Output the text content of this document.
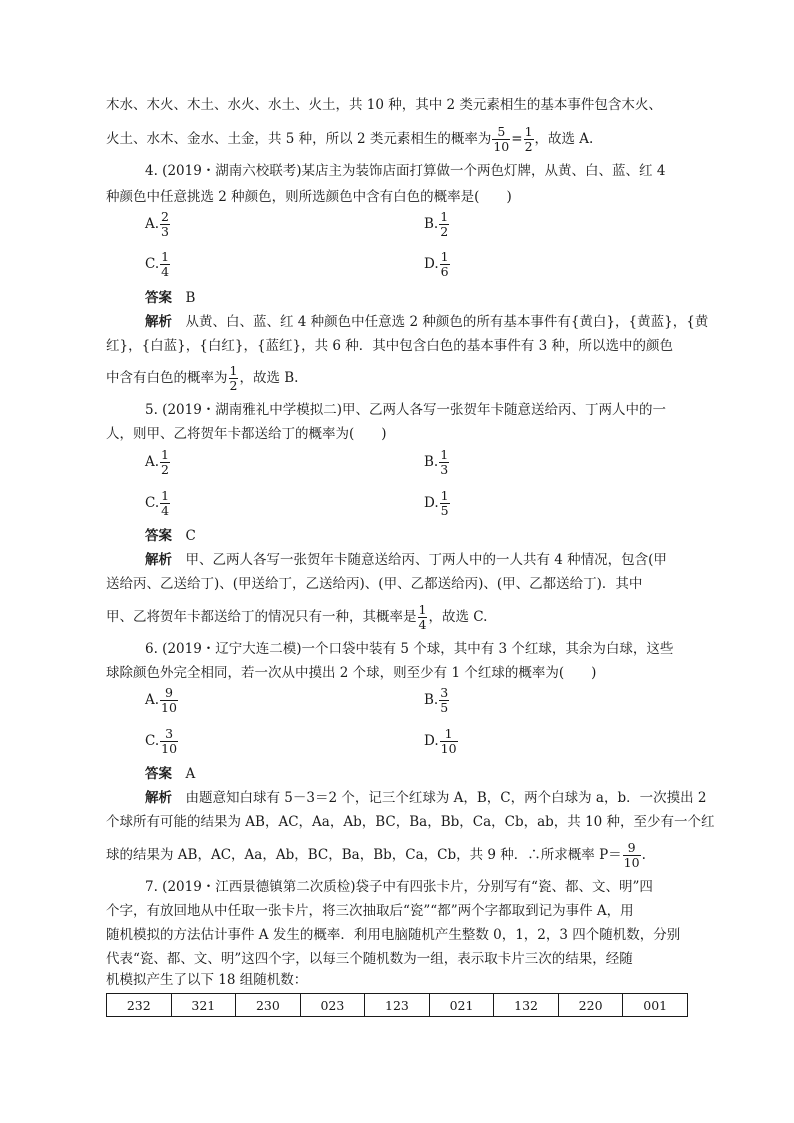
木水、木火、木土、水火、水土、火土，共 10 种，其中 2 类元素相生的基本事件包含木火、
火土、水木、金水、土金，共 5 种，所以 2 类元素相生的概率为 $\frac{5}{10} = \frac{1}{2}$ ，故选 A.
4. (2019・湖南六校联考)某店主为装饰店面打算做一个两色灯牌，从黄、白、蓝、红 4
种颜色中任意挑选 2 种颜色，则所选颜色中含有白色的概率是(　　)
A. $\frac{2}{3}$	B. $\frac{1}{2}$
C. $\frac{1}{4}$	D. $\frac{1}{6}$
答案　 B
解析　 从黄、白、蓝、红 4 种颜色中任意选 2 种颜色的所有基本事件有{黄白}，{黄蓝}，{黄
红}，{白蓝}，{白红}，{蓝红}，共 6 种．其中包含白色的基本事件有 3 种，所以选中的颜色
中含有白色的概率为 $\frac{1}{2}$ ，故选 B.
5. (2019・湖南雅礼中学模拟二)甲、乙两人各写一张贺年卡随意送给丙、丁两人中的一
人，则甲、乙将贺年卡都送给丁的概率为(　　)
A. $\frac{1}{2}$	B. $\frac{1}{3}$
C. $\frac{1}{4}$	D. $\frac{1}{5}$
答案　 C
解析　 甲、乙两人各写一张贺年卡随意送给丙、丁两人中的一人共有 4 种情况，包含(甲
送给丙、乙送给丁)、(甲送给丁，乙送给丙)、(甲、乙都送给丙)、(甲、乙都送给丁)．其中
甲、乙将贺年卡都送给丁的情况只有一种，其概率是 $\frac{1}{4}$ ，故选 C.
6. (2019・辽宁大连二模)一个口袋中装有 5 个球，其中有 3 个红球，其余为白球，这些
球除颜色外完全相同，若一次从中摸出 2 个球，则至少有 1 个红球的概率为(　　)
A. $\frac{9}{10}$	B. $\frac{3}{5}$
C. $\frac{3}{10}$	D. $\frac{1}{10}$
答案　 A
解析　 由题意知白球有 5－3＝2 个，记三个红球为 A，B，C，两个白球为 a，b．一次摸出 2
个球所有可能的结果为 AB，AC，Aa，Ab，BC，Ba，Bb，Ca，Cb，ab，共 10 种，至少有一个红
球的结果为 AB，AC，Aa，Ab，BC，Ba，Bb，Ca，Cb，共 9 种．∴所求概率 $P= \frac{9}{10}$ .
7. (2019・江西景德镇第二次质检)袋子中有四张卡片，分别写有“瓷、都、文、明”四
个字，有放回地从中任取一张卡片，将三次抽取后“瓷”“都”两个字都取到记为事件 A，用
随机模拟的方法估计事件 A 发生的概率．利用电脑随机产生整数 0，1，2，3 四个随机数，分别
代表“瓷、都、文、明”这四个字，以每三个随机数为一组，表示取卡片三次的结果，经随
机模拟产生了以下 18 组随机数：
232	321	230	023	123	021	132	220	001
